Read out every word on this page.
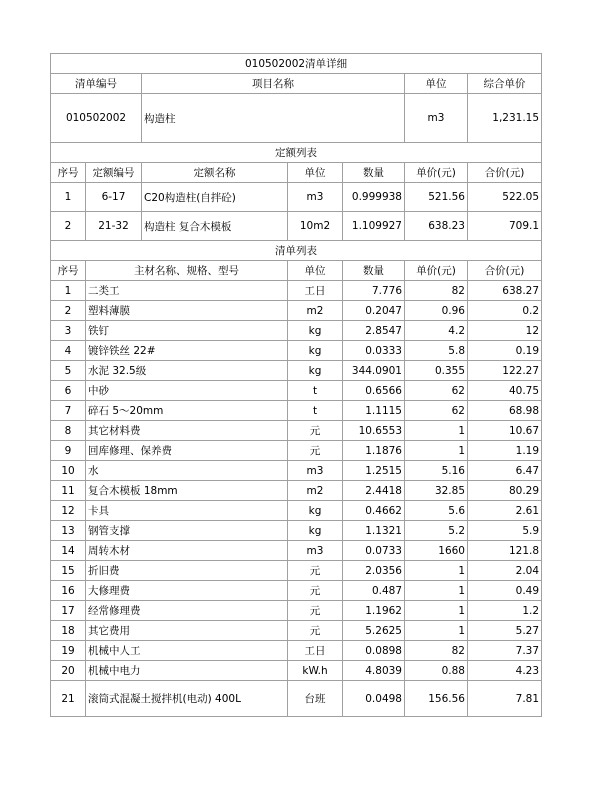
010502002清单详细						
清单编号		项目名称			单位	综合单价
010502002		构造柱			m3	1,231.15
定额列表						
序号	定额编号	定额名称	单位	数量	单价(元)	合价(元)
1	6-17	C20构造柱(自拌砼)	m3	0.999938	521.56	522.05
2	21-32	构造柱 复合木模板	10m2	1.109927	638.23	709.1
清单列表						
序号	主材名称、规格、型号		单位	数量	单价(元)	合价(元)
1	二类工		工日	7.776	82	638.27
2	塑料薄膜		m2	0.2047	0.96	0.2
3	铁钉		kg	2.8547	4.2	12
4	镀锌铁丝 22#		kg	0.0333	5.8	0.19
5	水泥 32.5级		kg	344.0901	0.355	122.27
6	中砂		t	0.6566	62	40.75
7	碎石 5～20mm		t	1.1115	62	68.98
8	其它材料费		元	10.6553	1	10.67
9	回库修理、保养费		元	1.1876	1	1.19
10	水		m3	1.2515	5.16	6.47
11	复合木模板 18mm		m2	2.4418	32.85	80.29
12	卡具		kg	0.4662	5.6	2.61
13	钢管支撑		kg	1.1321	5.2	5.9
14	周转木材		m3	0.0733	1660	121.8
15	折旧费		元	2.0356	1	2.04
16	大修理费		元	0.487	1	0.49
17	经常修理费		元	1.1962	1	1.2
18	其它费用		元	5.2625	1	5.27
19	机械中人工		工日	0.0898	82	7.37
20	机械中电力		kW.h	4.8039	0.88	4.23
21	滚筒式混凝土搅拌机(电动) 400L		台班	0.0498	156.56	7.81
